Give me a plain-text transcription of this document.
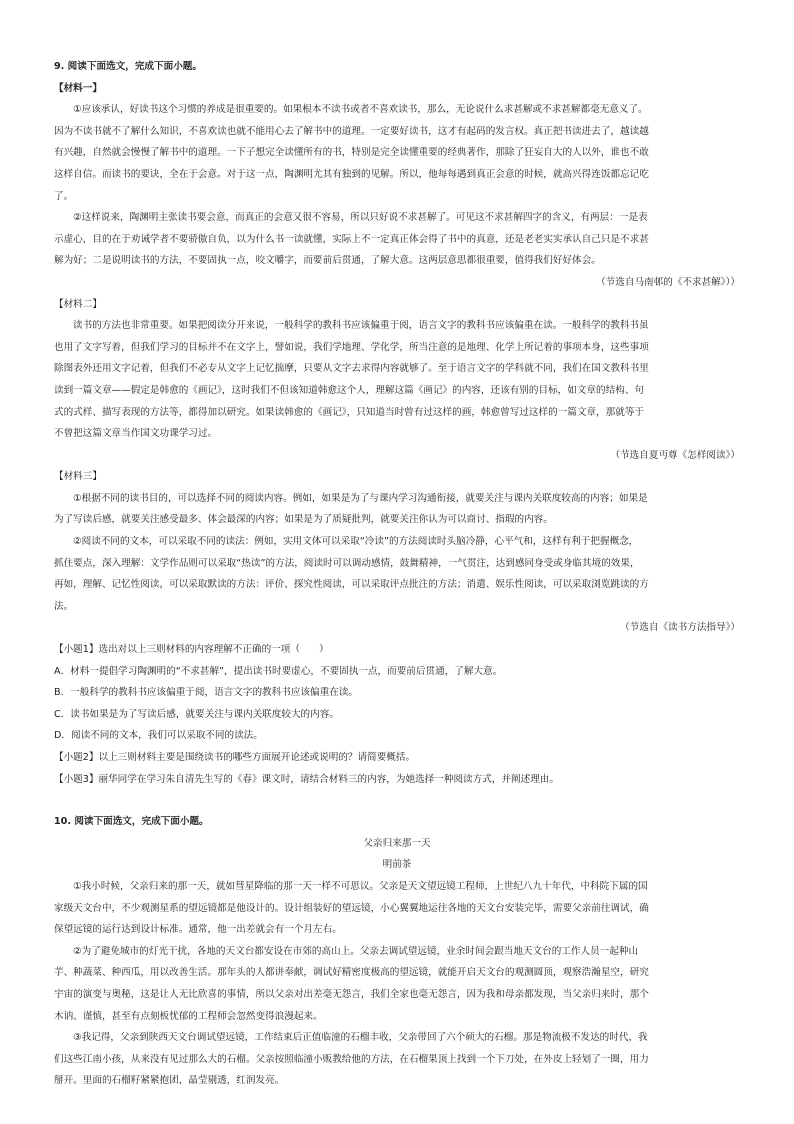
9. 阅读下面选文，完成下面小题。
【材料一】
①应该承认，好读书这个习惯的养成是很重要的。如果根本不读书或者不喜欢读书，那么，无论说什么求甚解或不求甚解都毫无意义了。
因为不读书就不了解什么知识，不喜欢读也就不能用心去了解书中的道理。一定要好读书，这才有起码的发言权。真正把书读进去了，越读越
有兴趣，自然就会慢慢了解书中的道理。一下子想完全读懂所有的书，特别是完全读懂重要的经典著作，那除了狂妄自大的人以外，谁也不敢
这样自信。而读书的要诀，全在于会意。对于这一点，陶渊明尤其有独到的见解。所以，他每每遇到真正会意的时候，就高兴得连饭都忘记吃
了。
②这样说来，陶渊明主张读书要会意，而真正的会意又很不容易，所以只好说不求甚解了。可见这不求甚解四字的含义，有两层：一是表
示虚心，目的在于劝诫学者不要骄傲自负，以为什么书一读就懂，实际上不一定真正体会得了书中的真意，还是老老实实承认自己只是不求甚
解为好；二是说明读书的方法，不要固执一点，咬文嚼字，而要前后贯通，了解大意。这两层意思都很重要，值得我们好好体会。
（节选自马南邨的《不求甚解》））
【材料二】
读书的方法也非常重要。如果把阅读分开来说，一般科学的教科书应该偏重于阅，语言文字的教科书应该偏重在读。一般科学的教科书虽
也用了文字写着，但我们学习的目标并不在文字上，譬如说，我们学地理、学化学，所当注意的是地理、化学上所记着的事项本身，这些事项
除图表外还用文字记着，但我们不必专从文字上记忆揣摩，只要从文字去求得内容就够了。至于语言文字的学科就不同，我们在国文教科书里
读到一篇文章——假定是韩愈的《画记》，这时我们不但该知道韩愈这个人，理解这篇《画记》的内容，还该有别的目标，如文章的结构、句
式的式样、描写表现的方法等，都得加以研究。如果读韩愈的《画记》，只知道当时曾有过这样的画，韩愈曾写过这样的一篇文章，那就等于
不曾把这篇文章当作国文功课学习过。
（节选自夏丏尊《怎样阅读》）
【材料三】
①根据不同的读书目的，可以选择不同的阅读内容。例如，如果是为了与课内学习沟通衔接，就要关注与课内关联度较高的内容；如果是
为了写读后感，就要关注感受最多、体会最深的内容；如果是为了质疑批判，就要关注你认为可以商讨、指瑕的内容。
②阅读不同的文本，可以采取不同的读法：例如，实用文体可以采取“冷读”的方法阅读时头脑冷静，心平气和，这样有利于把握概念，
抓住要点，深入理解：文学作品则可以采取“热读”的方法，阅读时可以调动感情，鼓舞精神，一气贯注，达到感同身受或身临其境的效果，
再如，理解、记忆性阅读，可以采取默读的方法：评价、探究性阅读，可以采取评点批注的方法；消遣、娱乐性阅读，可以采取浏览跳读的方
法。
（节选自《读书方法指导》）
【小题1】选出对以上三则材料的内容理解不正确的一项（　　）
A．材料一提倡学习陶渊明的“不求甚解”，提出读书时要虚心，不要固执一点，而要前后贯通，了解大意。
B．一般科学的教科书应该偏重于阅，语言文字的教科书应该偏重在读。
C．读书如果是为了写读后感，就要关注与课内关联度较大的内容。
D．阅读不同的文本，我们可以采取不同的读法。
【小题2】以上三则材料主要是围绕读书的哪些方面展开论述或说明的？请简要概括。
【小题3】丽华同学在学习朱自清先生写的《春》课文时，请结合材料三的内容，为她选择一种阅读方式，并阐述理由。
10. 阅读下面选文，完成下面小题。
父亲归来那一天
明前茶
①我小时候，父亲归来的那一天，就如彗星降临的那一天一样不可思议。父亲是天文望远镜工程师，上世纪八九十年代，中科院下属的国
家级天文台中，不少观测星系的望远镜都是他设计的。设计组装好的望远镜，小心翼翼地运往各地的天文台安装完毕，需要父亲前往调试，确
保望远镜的运行达到设计标准。通常，他一出差就会有一个月左右。
②为了避免城市的灯光干扰，各地的天文台都安设在市郊的高山上。父亲去调试望远镜，业余时间会跟当地天文台的工作人员一起种山
芋、种蔬菜、种西瓜，用以改善生活。那年头的人都讲奉献，调试好精密度极高的望远镜，就能开启天文台的观测圆顶，观察浩瀚星空，研究
宇宙的演变与奥秘，这是让人无比欣喜的事情，所以父亲对出差毫无怨言，我们全家也毫无怨言，因为我和母亲都发现，当父亲归来时，那个
木讷、谨慎，甚至有点刻板忧郁的工程师会忽然变得浪漫起来。
③我记得，父亲到陕西天文台调试望远镜，工作结束后正值临潼的石榴丰收，父亲带回了六个硕大的石榴。那是物流极不发达的时代，我
们这些江南小孩，从来没有见过那么大的石榴。父亲按照临潼小贩教给他的方法，在石榴果顶上找到一个下刀处，在外皮上轻划了一圈，用力
掰开。里面的石榴籽紧紧抱团，晶莹剔透，红润发亮。
